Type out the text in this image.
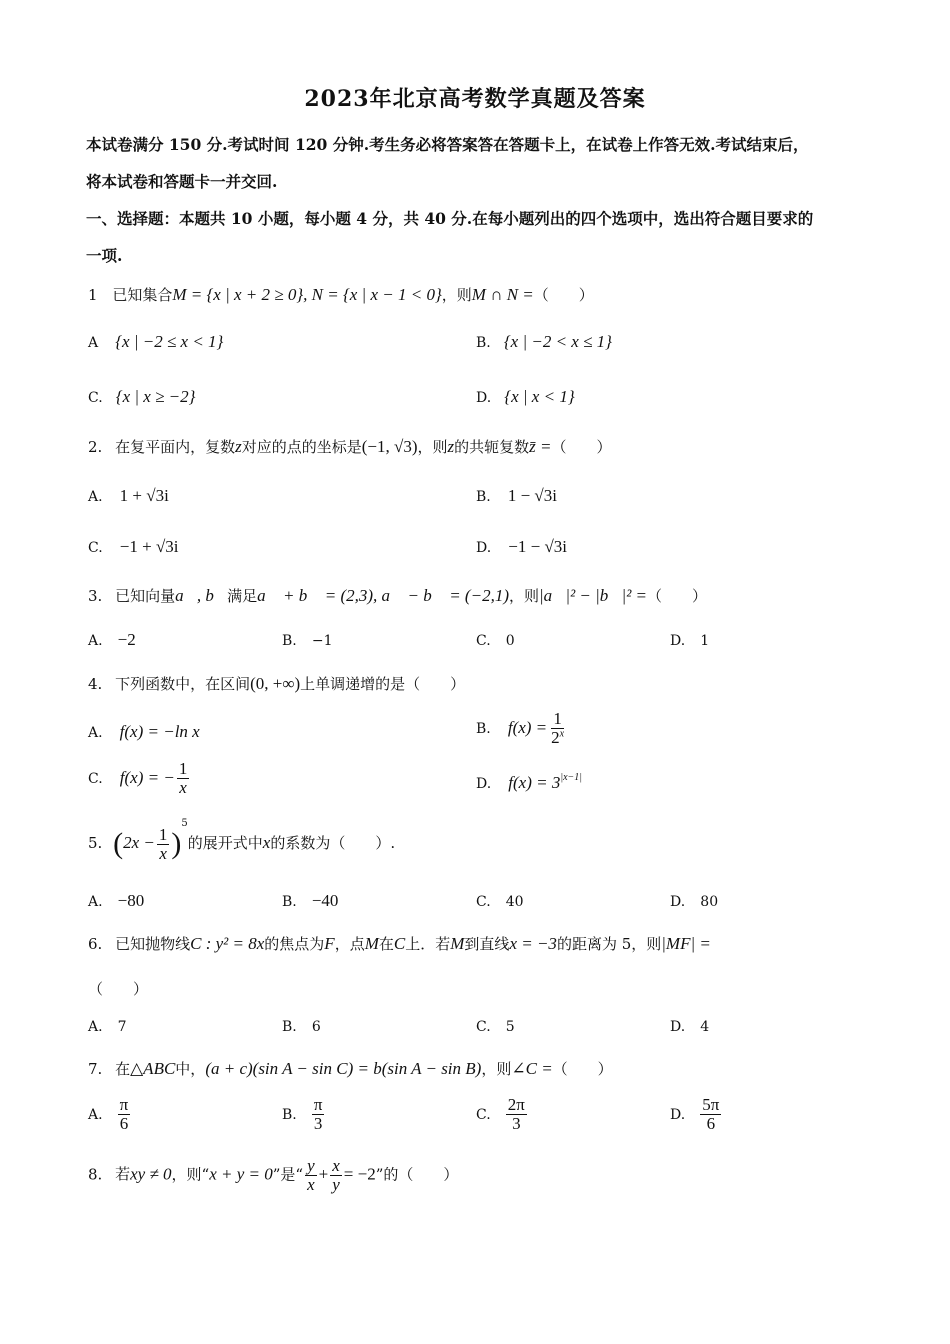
2023年北京高考数学真题及答案
本试卷满分 150 分.考试时间 120 分钟.考生务必将答案答在答题卡上，在试卷上作答无效.考试结束后，
将本试卷和答题卡一并交回.
一、选择题：本题共 10 小题，每小题 4 分，共 40 分.在每小题列出的四个选项中，选出符合题目要求的
一项.
1 已知集合M = {x | x + 2 ≥ 0}, N = {x | x − 1 < 0}，则M ∩ N =（　　）
A {x | −2 ≤ x < 1}	B. {x | −2 < x ≤ 1}
C. {x | x ≥ −2}	D. {x | x < 1}
2. 在复平面内，复数z对应的点的坐标是(−1, √3)，则z的共轭复数z̄ =（　　）
A. 1 + √3i	B. 1 − √3i
C. −1 + √3i	D. −1 − √3i
3. 已知向量a⃗, b⃗满足a⃗ + b⃗ = (2,3), a⃗ − b⃗ = (−2,1)，则|a⃗|² − |b⃗|² =（　　）
A. −2	B. −1	C. 0	D. 1
4. 下列函数中，在区间(0, +∞)上单调递增的是（　　）
A. f(x) = −ln x	B. $f(x) = \frac{1}{2^x}$
C. f(x) = − $\frac{1}{x}$	D. $f(x) = 3^{|x-1|}$
5. $(2x - \frac{1}{x} )^5$的展开式中x的系数为（　　）.
A. −80	B. −40	C. 40	D. 80
6. 已知抛物线C : y² = 8x的焦点为F，点M在C上．若M到直线x = −3的距离为 5，则|MF| =
（　　）
A. 7	B. 6	C. 5	D. 4
7. 在△ABC中，(a + c)(sin A − sin C) = b(sin A − sin B)，则∠C =（　　）
A. $\frac{\pi}{6}$	B. $\frac{\pi}{3}$	C. $\frac{2\pi}{3}$	D. $\frac{5\pi}{6}$
8. 若xy ≠ 0，则“x + y = 0”是“ $\frac{y}{x} + \frac{x}{y} = -2$”的（　　）
